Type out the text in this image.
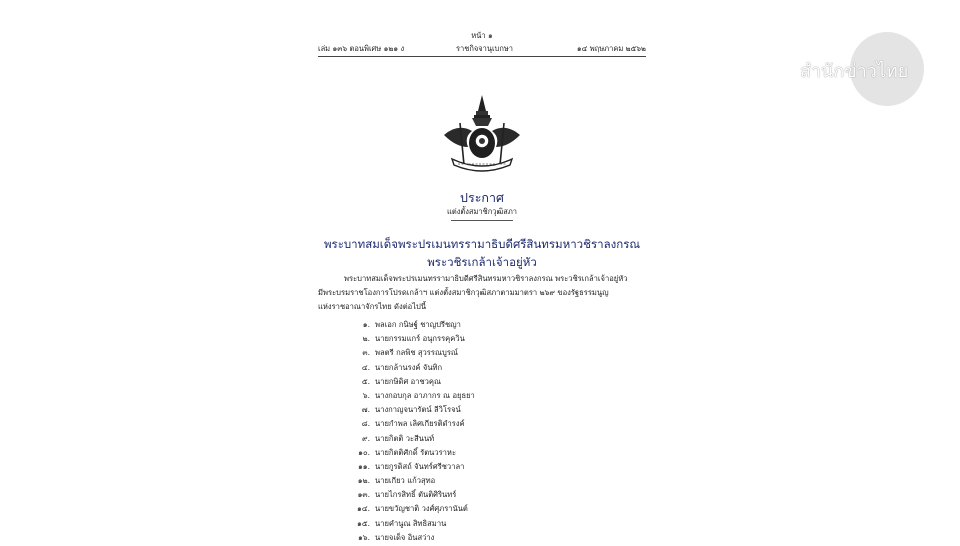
หน้า ๑
เล่ม ๑๓๖ ตอนพิเศษ ๑๒๑ ง	ราชกิจจานุเบกษา	๑๔ พฤษภาคม ๒๕๖๒
ประกาศ
แต่งตั้งสมาชิกวุฒิสภา
พระบาทสมเด็จพระปรเมนทรรามาธิบดีศรีสินทรมหาวชิราลงกรณ
พระวชิรเกล้าเจ้าอยู่หัว
พระบาทสมเด็จพระปรเมนทรรามาธิบดีศรีสินทรมหาวชิราลงกรณ พระวชิรเกล้าเจ้าอยู่หัว
มีพระบรมราชโองการโปรดเกล้าฯ แต่งตั้งสมาชิกวุฒิสภาตามมาตรา ๒๖๙ ของรัฐธรรมนูญ
แห่งราชอาณาจักรไทย ดังต่อไปนี้
๑. พลเอก กนิษฐ์ ชาญปรีชญา
๒. นายกรรมแกร์ อนุกรรคุควิน
๓. พลตรี กลพิช สุวรรณบูรณ์
๔. นายกล้านรงค์ จันทิก
๕. นายกษิดิศ อาชวคุณ
๖. นางกอบกุล อาภากร ณ อยุธยา
๗. นางกาญจนารัตน์ ลีวิโรจน์
๘. นายกำพล เลิศเกียรติดำรงค์
๙. นายกิตติ วะสีนนท์
๑๐. นายกิตติศักดิ์ รัตนวราหะ
๑๑. นายกูรดิสถ์ จันทร์ศรีชวาลา
๑๒. นายเกียว แก้วสุทอ
๑๓. นายไกรสิทธิ์ ตันติศิรินทร์
๑๔. นายขวัญชาติ วงศ์ศุภรานันต์
๑๕. นายคำนูณ สิทธิสมาน
๑๖. นายจเด็จ อินสว่าง
สำนักข่าวไทย
